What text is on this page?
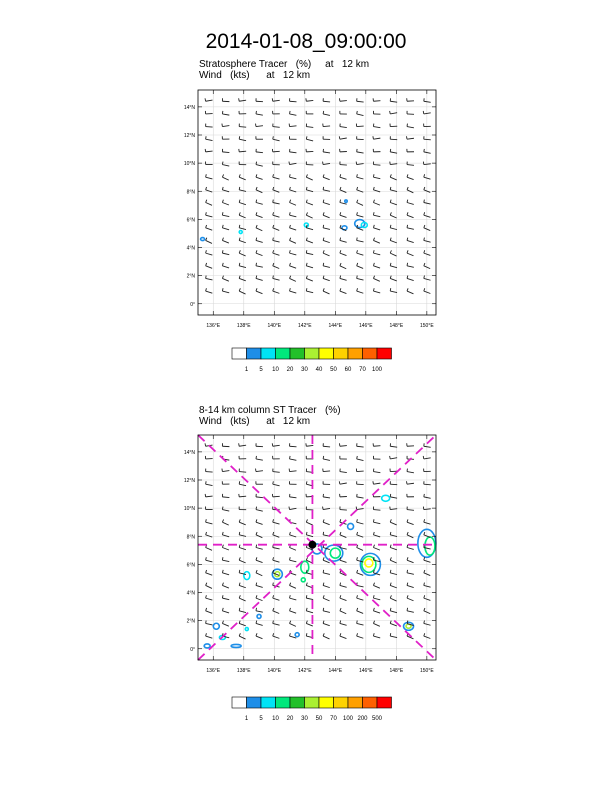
2014-01-08_09:00:00
Stratosphere Tracer   (%)     at   12 km
Wind   (kts)      at   12 km
14°N
12°N
10°N
8°N
6°N
4°N
2°N
0°
136°E	138°E	140°E	142°E	144°E	146°E	148°E	150°E
1 5 10 20 30 40 50 60 70 100
8-14 km column ST Tracer   (%)
Wind   (kts)      at   12 km
14°N
12°N
10°N
8°N
6°N
4°N
2°N
0°
136°E	138°E	140°E	142°E	144°E	146°E	148°E	150°E
1 5 10 20 30 50 70 100 200 500
